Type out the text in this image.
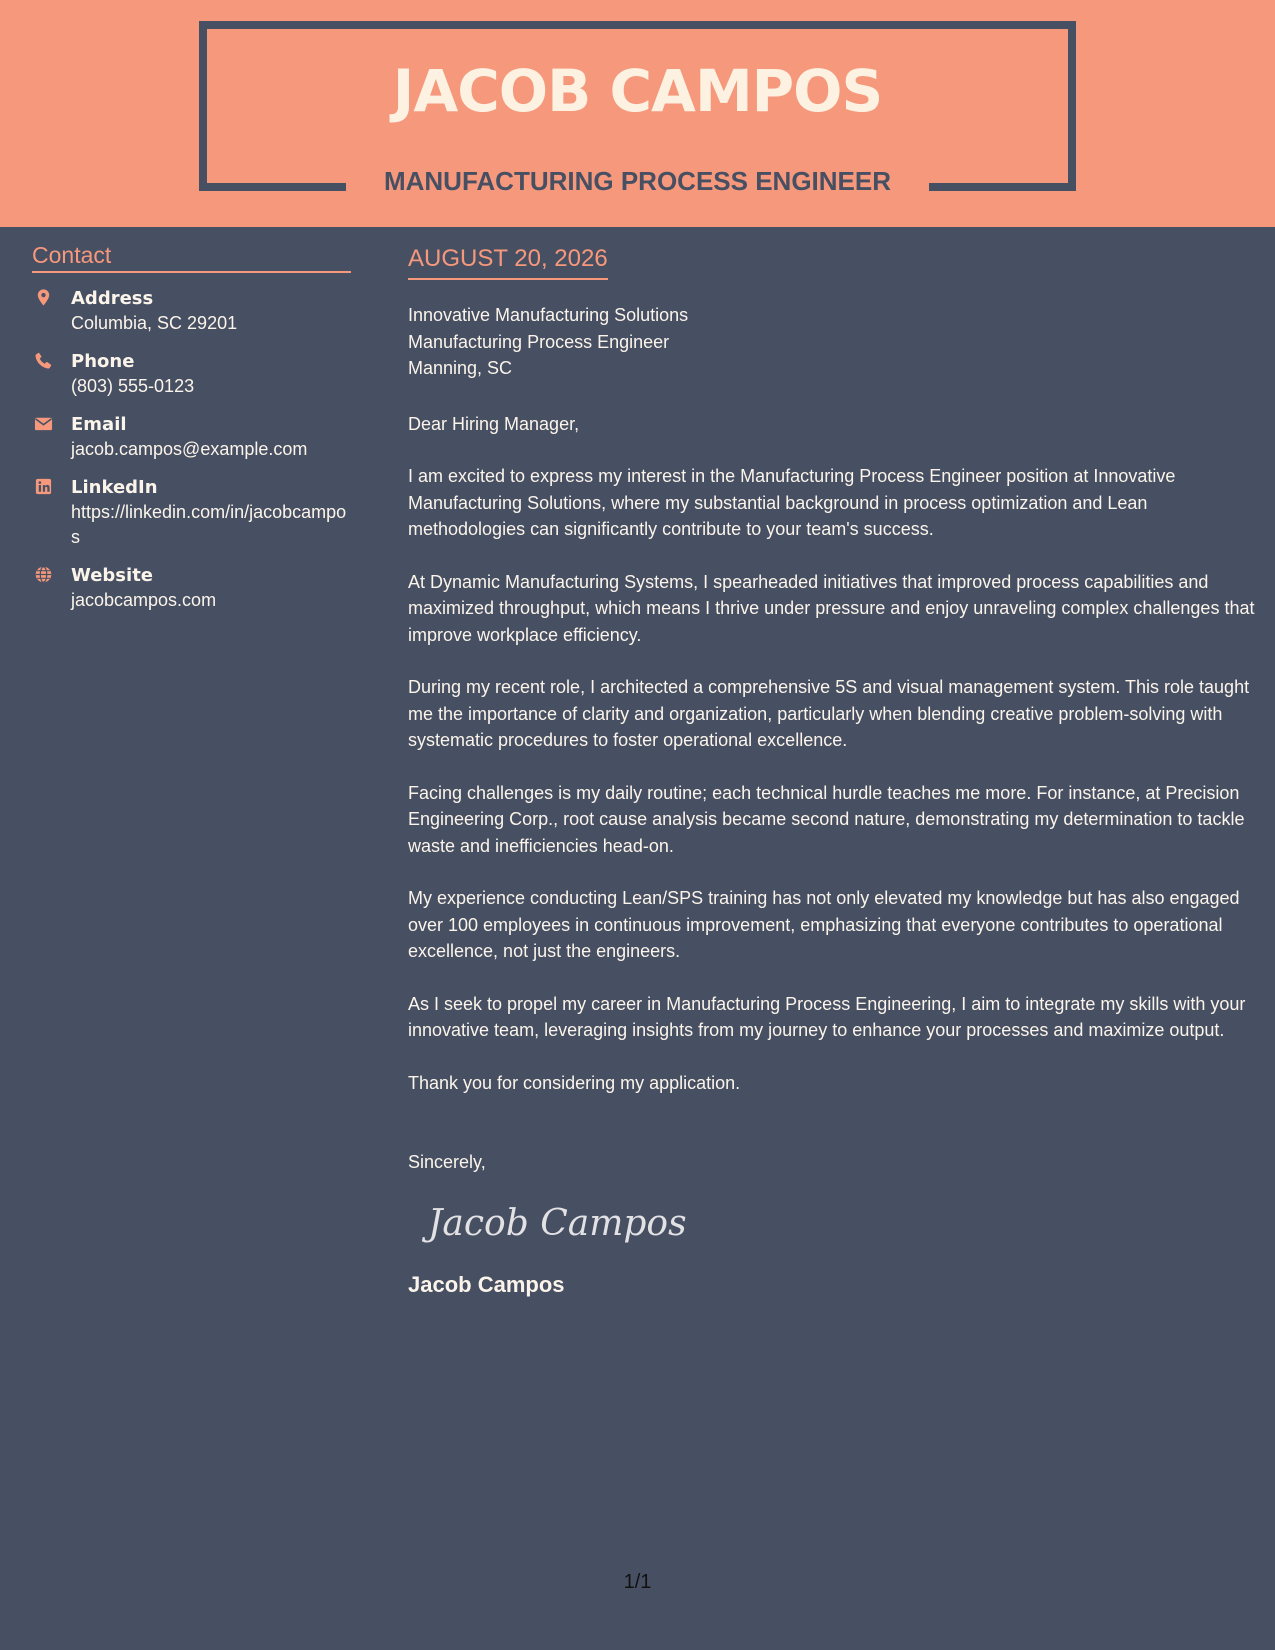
JACOB CAMPOS
MANUFACTURING PROCESS ENGINEER
Contact
Address
Columbia, SC 29201
Phone
(803) 555-0123
Email
jacob.campos@example.com
LinkedIn
https://linkedin.com/in/jacobcampos
Website
jacobcampos.com
AUGUST 20, 2026
Innovative Manufacturing Solutions
Manufacturing Process Engineer
Manning, SC
Dear Hiring Manager,
I am excited to express my interest in the Manufacturing Process Engineer position at Innovative Manufacturing Solutions, where my substantial background in process optimization and Lean methodologies can significantly contribute to your team's success.
At Dynamic Manufacturing Systems, I spearheaded initiatives that improved process capabilities and maximized throughput, which means I thrive under pressure and enjoy unraveling complex challenges that improve workplace efficiency.
During my recent role, I architected a comprehensive 5S and visual management system. This role taught me the importance of clarity and organization, particularly when blending creative problem-solving with systematic procedures to foster operational excellence.
Facing challenges is my daily routine; each technical hurdle teaches me more. For instance, at Precision Engineering Corp., root cause analysis became second nature, demonstrating my determination to tackle waste and inefficiencies head-on.
My experience conducting Lean/SPS training has not only elevated my knowledge but has also engaged over 100 employees in continuous improvement, emphasizing that everyone contributes to operational excellence, not just the engineers.
As I seek to propel my career in Manufacturing Process Engineering, I aim to integrate my skills with your innovative team, leveraging insights from my journey to enhance your processes and maximize output.
Thank you for considering my application.
Sincerely,
Jacob Campos
Jacob Campos
1/1
